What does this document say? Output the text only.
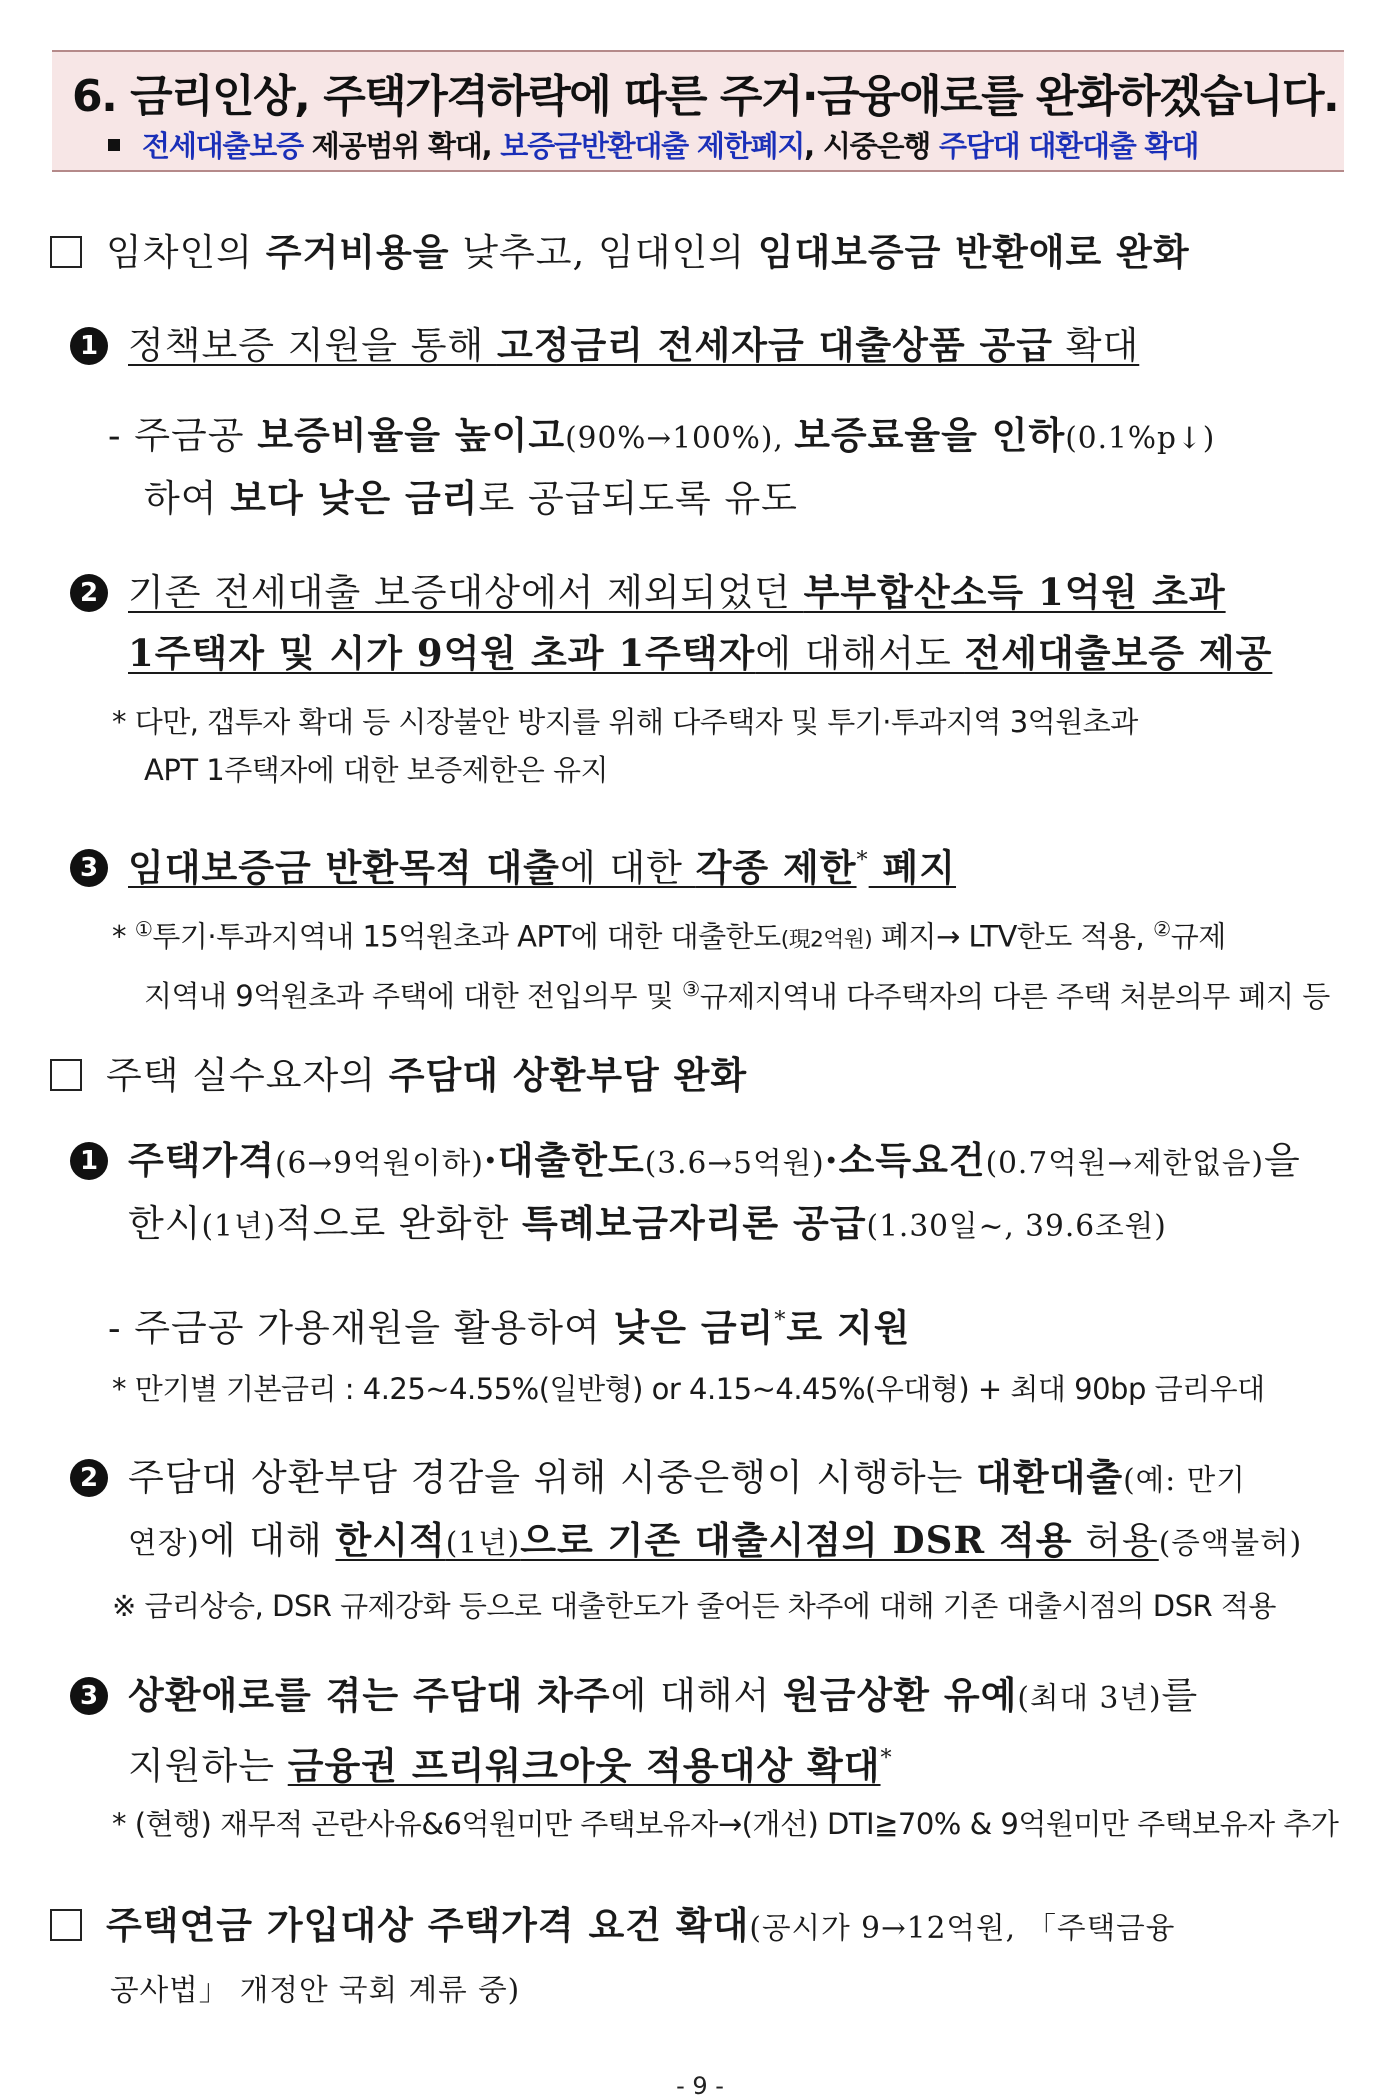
6. 금리인상, 주택가격하락에 따른 주거·금융애로를 완화하겠습니다.
전세대출보증 제공범위 확대, 보증금반환대출 제한폐지, 시중은행 주담대 대환대출 확대
임차인의 주거비용을 낮추고, 임대인의 임대보증금 반환애로 완화
1 정책보증 지원을 통해 고정금리 전세자금 대출상품 공급 확대
- 주금공 보증비율을 높이고(90%→100%), 보증료율을 인하(0.1%p↓)
하여 보다 낮은 금리로 공급되도록 유도
2 기존 전세대출 보증대상에서 제외되었던 부부합산소득 1억원 초과
1주택자 및 시가 9억원 초과 1주택자에 대해서도 전세대출보증 제공
* 다만, 갭투자 확대 등 시장불안 방지를 위해 다주택자 및 투기·투과지역 3억원초과
APT 1주택자에 대한 보증제한은 유지
3 임대보증금 반환목적 대출에 대한 각종 제한* 폐지
* ①투기·투과지역내 15억원초과 APT에 대한 대출한도(現2억원) 폐지→ LTV한도 적용, ②규제
지역내 9억원초과 주택에 대한 전입의무 및 ③규제지역내 다주택자의 다른 주택 처분의무 폐지 등
주택 실수요자의 주담대 상환부담 완화
1 주택가격(6→9억원이하)·대출한도(3.6→5억원)·소득요건(0.7억원→제한없음)을
한시(1년)적으로 완화한 특례보금자리론 공급(1.30일~, 39.6조원)
- 주금공 가용재원을 활용하여 낮은 금리*로 지원
* 만기별 기본금리 : 4.25~4.55%(일반형) or 4.15~4.45%(우대형) + 최대 90bp 금리우대
2 주담대 상환부담 경감을 위해 시중은행이 시행하는 대환대출(예: 만기
연장)에 대해 한시적(1년)으로 기존 대출시점의 DSR 적용 허용(증액불허)
※ 금리상승, DSR 규제강화 등으로 대출한도가 줄어든 차주에 대해 기존 대출시점의 DSR 적용
3 상환애로를 겪는 주담대 차주에 대해서 원금상환 유예(최대 3년)를
지원하는 금융권 프리워크아웃 적용대상 확대*
* (현행) 재무적 곤란사유&6억원미만 주택보유자→(개선) DTI≧70% & 9억원미만 주택보유자 추가
주택연금 가입대상 주택가격 요건 확대(공시가 9→12억원, 「주택금융
공사법」 개정안 국회 계류 중)
- 9 -
